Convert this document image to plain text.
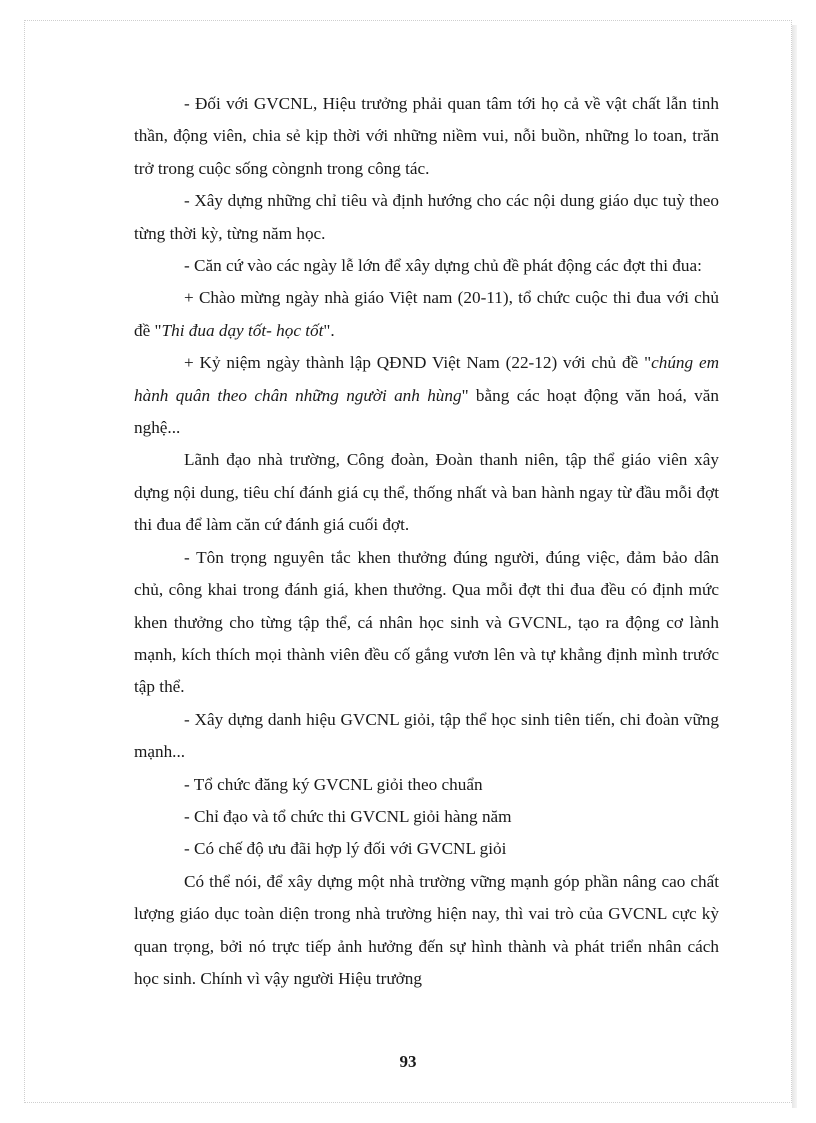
- Đối với GVCNL, Hiệu trưởng phải quan tâm tới họ cả về vật chất lẫn tinh thần, động viên, chia sẻ kịp thời với những niềm vui, nỗi buồn, những lo toan, trăn trở trong cuộc sống còngnh trong công tác.

- Xây dựng những chỉ tiêu và định hướng cho các nội dung giáo dục tuỳ theo từng thời kỳ, từng năm học.

- Căn cứ vào các ngày lễ lớn để xây dựng chủ đề phát động các đợt thi đua:

+ Chào mừng ngày nhà giáo Việt nam (20-11), tổ chức cuộc thi đua với chủ đề "Thi đua dạy tốt- học tốt".

+ Kỷ niệm ngày thành lập QĐND Việt Nam (22-12) với chủ đề "chúng em hành quân theo chân những người anh hùng" bằng các hoạt động văn hoá, văn nghệ...

Lãnh đạo nhà trường, Công đoàn, Đoàn thanh niên, tập thể giáo viên xây dựng nội dung, tiêu chí đánh giá cụ thể, thống nhất và ban hành ngay từ đầu mỗi đợt thi đua để làm căn cứ đánh giá cuối đợt.

- Tôn trọng nguyên tắc khen thưởng đúng người, đúng việc, đảm bảo dân chủ, công khai trong đánh giá, khen thưởng. Qua mỗi đợt thi đua đều có định mức khen thưởng cho từng tập thể, cá nhân học sinh và GVCNL, tạo ra động cơ lành mạnh, kích thích mọi thành viên đều cố gắng vươn lên và tự khẳng định mình trước tập thể.

- Xây dựng danh hiệu GVCNL giỏi, tập thể học sinh tiên tiến, chi đoàn vững mạnh...

- Tổ chức đăng ký GVCNL giỏi theo chuẩn

- Chỉ đạo và tổ chức thi GVCNL giỏi hàng năm

- Có chế độ ưu đãi hợp lý đối với GVCNL giỏi

Có thể nói, để xây dựng một nhà trường vững mạnh góp phần nâng cao chất lượng giáo dục toàn diện trong nhà trường hiện nay, thì vai trò của GVCNL cực kỳ quan trọng, bởi nó trực tiếp ảnh hưởng đến sự hình thành và phát triển nhân cách học sinh. Chính vì vậy người Hiệu trưởng

93
